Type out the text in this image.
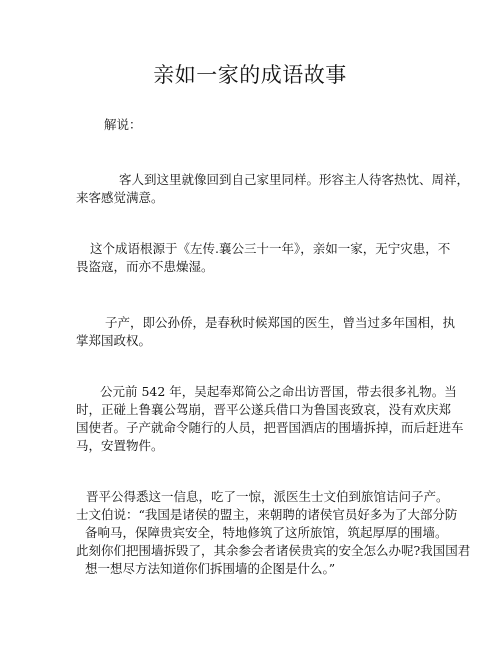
亲如一家的成语故事
解说：

客人到这里就像回到自己家里同样。形容主人待客热忱、周祥，

来客感觉满意。

这个成语根源于《左传.襄公三十一年》，亲如一家，无宁灾患，不

畏盗寇，而亦不患燥湿。

子产，即公孙侨，是春秋时候郑国的医生，曾当过多年国相，执

掌郑国政权。

公元前 542 年，吴起奉郑简公之命出访晋国，带去很多礼物。当

时，正碰上鲁襄公驾崩，晋平公遂兵借口为鲁国丧致哀，没有欢庆郑

国使者。子产就命令随行的人员，把晋国酒店的围墙拆掉，而后赶进车

马，安置物件。

晋平公得悉这一信息，吃了一惊，派医生士文伯到旅馆诘问子产。

士文伯说：“我国是诸侯的盟主，来朝聘的诸侯官员好多为了大部分防

备响马，保障贵宾安全，特地修筑了这所旅馆，筑起厚厚的围墙。

此刻你们把围墙拆毁了，其余参会者诸侯贵宾的安全怎么办呢?我国国君

想一想尽方法知道你们拆围墙的企图是什么。”
